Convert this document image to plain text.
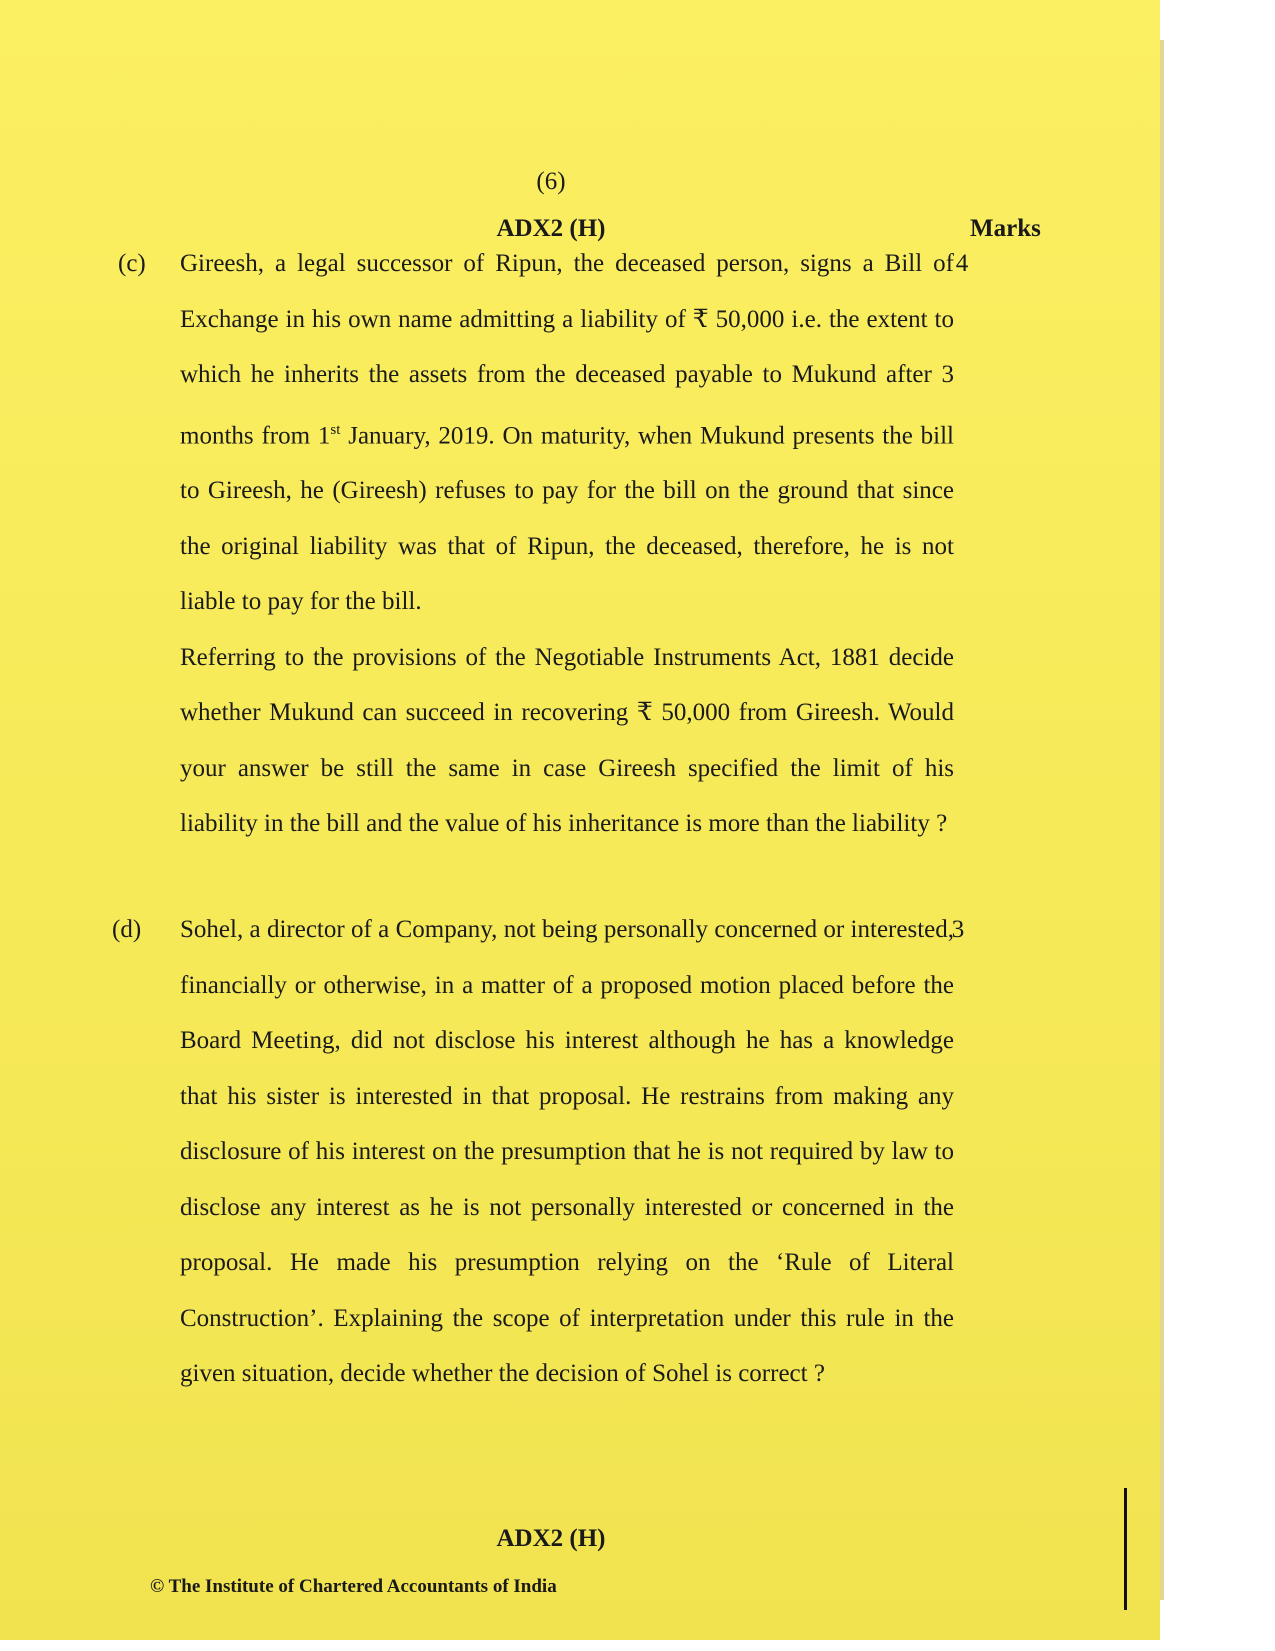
(6)
ADX2 (H)	Marks
(c)	4

Gireesh, a legal successor of Ripun, the deceased person, signs a Bill of Exchange in his own name admitting a liability of ₹ 50,000 i.e. the extent to which he inherits the assets from the deceased payable to Mukund after 3 months from 1st January, 2019. On maturity, when Mukund presents the bill to Gireesh, he (Gireesh) refuses to pay for the bill on the ground that since the original liability was that of Ripun, the deceased, therefore, he is not liable to pay for the bill.

Referring to the provisions of the Negotiable Instruments Act, 1881 decide whether Mukund can succeed in recovering ₹ 50,000 from Gireesh. Would your answer be still the same in case Gireesh specified the limit of his liability in the bill and the value of his inheritance is more than the liability ?

(d)	3

Sohel, a director of a Company, not being personally concerned or interested, financially or otherwise, in a matter of a proposed motion placed before the Board Meeting, did not disclose his interest although he has a knowledge that his sister is interested in that proposal. He restrains from making any disclosure of his interest on the presumption that he is not required by law to disclose any interest as he is not personally interested or concerned in the proposal. He made his presumption relying on the ‘Rule of Literal Construction’. Explaining the scope of interpretation under this rule in the given situation, decide whether the decision of Sohel is correct ?

ADX2 (H)
© The Institute of Chartered Accountants of India
